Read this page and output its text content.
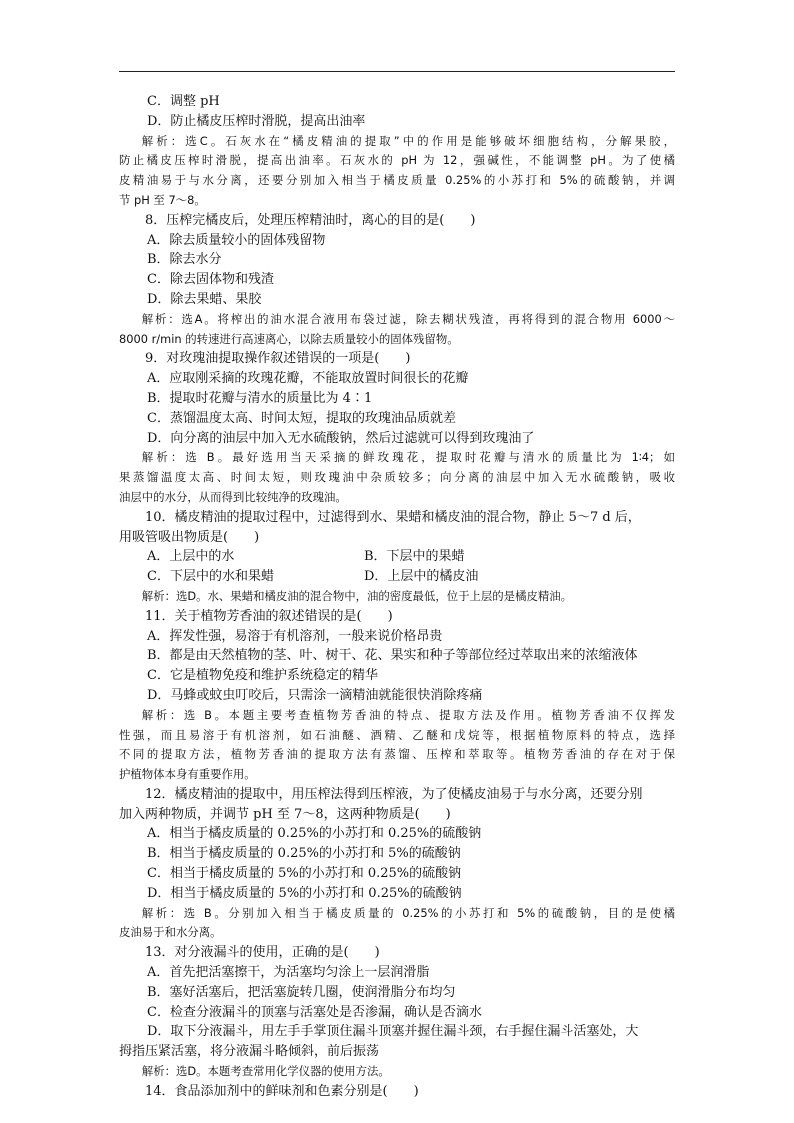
C．调整 pH
D．防止橘皮压榨时滑脱，提高出油率
解析：选C。石灰水在“橘皮精油的提取”中的作用是能够破坏细胞结构，分解果胶，
防止橘皮压榨时滑脱，提高出油率。石灰水的 pH 为 12，强碱性，不能调整 pH。为了使橘
皮精油易于与水分离，还要分别加入相当于橘皮质量 0.25%的小苏打和 5%的硫酸钠，并调
节 pH 至 7～8。
8．压榨完橘皮后，处理压榨精油时，离心的目的是(　　)
A．除去质量较小的固体残留物
B．除去水分
C．除去固体物和残渣
D．除去果蜡、果胶
解析：选A。将榨出的油水混合液用布袋过滤，除去糊状残渣，再将得到的混合物用 6000～
8000 r/min 的转速进行高速离心，以除去质量较小的固体残留物。
9．对玫瑰油提取操作叙述错误的一项是(　　)
A．应取刚采摘的玫瑰花瓣，不能取放置时间很长的花瓣
B．提取时花瓣与清水的质量比为 4∶1
C．蒸馏温度太高、时间太短，提取的玫瑰油品质就差
D．向分离的油层中加入无水硫酸钠，然后过滤就可以得到玫瑰油了
解析：选 B。最好选用当天采摘的鲜玫瑰花，提取时花瓣与清水的质量比为 1∶4；如
果蒸馏温度太高、时间太短，则玫瑰油中杂质较多；向分离的油层中加入无水硫酸钠，吸收
油层中的水分，从而得到比较纯净的玫瑰油。
10．橘皮精油的提取过程中，过滤得到水、果蜡和橘皮油的混合物，静止 5～7 d 后，
用吸管吸出物质是(　　)
A．上层中的水	B．下层中的果蜡
C．下层中的水和果蜡	D．上层中的橘皮油
解析：选D。水、果蜡和橘皮油的混合物中，油的密度最低，位于上层的是橘皮精油。
11．关于植物芳香油的叙述错误的是(　　)
A．挥发性强，易溶于有机溶剂，一般来说价格昂贵
B．都是由天然植物的茎、叶、树干、花、果实和种子等部位经过萃取出来的浓缩液体
C．它是植物免疫和维护系统稳定的精华
D．马蜂或蚊虫叮咬后，只需涂一滴精油就能很快消除疼痛
解析：选 B。本题主要考查植物芳香油的特点、提取方法及作用。植物芳香油不仅挥发
性强，而且易溶于有机溶剂，如石油醚、酒精、乙醚和戊烷等，根据植物原料的特点，选择
不同的提取方法，植物芳香油的提取方法有蒸馏、压榨和萃取等。植物芳香油的存在对于保
护植物体本身有重要作用。
12．橘皮精油的提取中，用压榨法得到压榨液，为了使橘皮油易于与水分离，还要分别
加入两种物质，并调节 pH 至 7～8，这两种物质是(　　)
A．相当于橘皮质量的 0.25%的小苏打和 0.25%的硫酸钠
B．相当于橘皮质量的 0.25%的小苏打和 5%的硫酸钠
C．相当于橘皮质量的 5%的小苏打和 0.25%的硫酸钠
D．相当于橘皮质量的 5%的小苏打和 0.25%的硫酸钠
解析：选 B。分别加入相当于橘皮质量的 0.25%的小苏打和 5%的硫酸钠，目的是使橘
皮油易于和水分离。
13．对分液漏斗的使用，正确的是(　　)
A．首先把活塞擦干，为活塞均匀涂上一层润滑脂
B．塞好活塞后，把活塞旋转几圈，使润滑脂分布均匀
C．检查分液漏斗的顶塞与活塞处是否渗漏，确认是否滴水
D．取下分液漏斗，用左手手掌顶住漏斗顶塞并握住漏斗颈，右手握住漏斗活塞处，大
拇指压紧活塞，将分液漏斗略倾斜，前后振荡
解析：选D。本题考查常用化学仪器的使用方法。
14．食品添加剂中的鲜味剂和色素分别是(　　)
